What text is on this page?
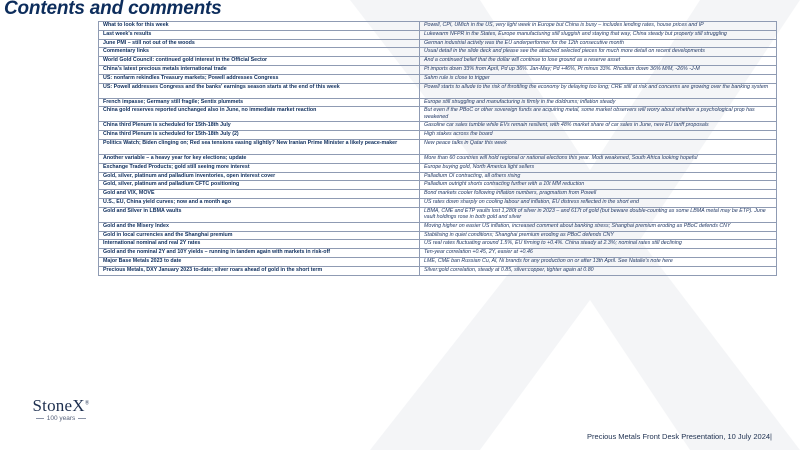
Contents and comments
What to look for this week	Powell, CPI, UMich in the US, very light week in Europe but China is busy – includes lending rates, house prices and IP
Last week's results	Lukewarm NFPR in the States, Europe manufacturing still sluggish and staying that way, China steady but property still struggling
June PMI – still not out of the woods	German industrial activity was the EU underperformer for the 12th consecutive month
Commentary links	Usual detail in the slide deck and please see the attached selected pieces for much more detail on recent developments
World Gold Council: continued gold interest in the Official Sector	And a continued belief that the dollar will continue to lose ground as a reserve asset
China's latest precious metals international trade	Pt imports down 33% from April, Pd up 36%. Jan-May; Pd +46%, Pt minus 33%. Rhodium down 36% M/M, -26% -J-M
US: nonfarm rekindles Treasury markets; Powell addresses Congress	Sahm rule is close to trigger
US: Powell addresses Congress and the banks' earnings season starts at the end of this week	Powell starts to allude to the risk of throttling the economy by delaying too long; CRE still at risk and concerns are growing over the banking system
French impasse; Germany still fragile; Sentix plummets	Europe still struggling and manufacturing is firmly in the doldrums; inflation steady
China gold reserves reported unchanged also in June, no immediate market reaction	But even if the PBoC or other sovereign funds are acquiring metal, some market observers will worry about whether a psychological prop has weakened
China third Plenum is scheduled for 15th-18th July	Gasoline car sales tumble while EVs remain resilient, with 48% market share of car sales in June, new EU tariff proposals
China third Plenum is scheduled for 15th-18th July (2)	High stakes across the board
Politics Watch; Biden clinging on; Red sea tensions easing slightly? New Iranian Prime Minister a likely peace-maker	New peace talks in Qatar this week
Another variable – a heavy year for key elections; update	More than 60 countries will hold regional or national elections this year. Modi weakened, South Africa looking hopeful
Exchange Traded Products; gold still seeing more interest	Europe buying gold, North America light sellers
Gold, silver, platinum and palladium inventories, open interest cover	Palladium OI contracting, all others rising
Gold, silver, platinum and palladium CFTC positioning	Palladium outright shorts contracting further with a 10t MM reduction
Gold and VIX, MOVE	Bond markets cooler following inflation numbers, pragmatism from Powell
U.S., EU, China yield curves; now and a month ago	US rates down sharply on cooling labour and inflation, EU distress reflected in the short end
Gold and Silver in LBMA vaults	LBMA, CME and ETP vaults lost 1,280t of silver in 2023 – and 617t of gold (but beware double-counting as some LBMA metal may be ETP). June vault holdings rose in both gold and silver
Gold and the Misery Index	Moving higher on easier US inflation, increased comment about banking stress; Shanghai premium eroding as PBoC defends CNY
Gold in local currencies and the Shanghai premium	Stabilising in quiet conditions; Shanghai premium eroding as PBoC defends CNY
International nominal and real 2Y rates	US real rates fluctuating around 1.5%, EU firming to +0.4%. China steady at 2.3%; nominal rates still declining
Gold and the nominal 2Y and 10Y yields – running in tandem again with markets in risk-off	Ten-year correlation +0.45, 2Y, easier at +0.46
Major Base Metals 2023 to date	LME, CME ban Russian Cu, Al, Ni brands for any production on or after 13th April. See Natalie's note here
Precious Metals, DXY January 2023 to-date; silver roars ahead of gold in the short term	Silver:gold correlation, steady at 0.85, silver:copper, tighter again at 0.80
StoneX®
100 years
Precious Metals Front Desk Presentation, 10 July 2024|
